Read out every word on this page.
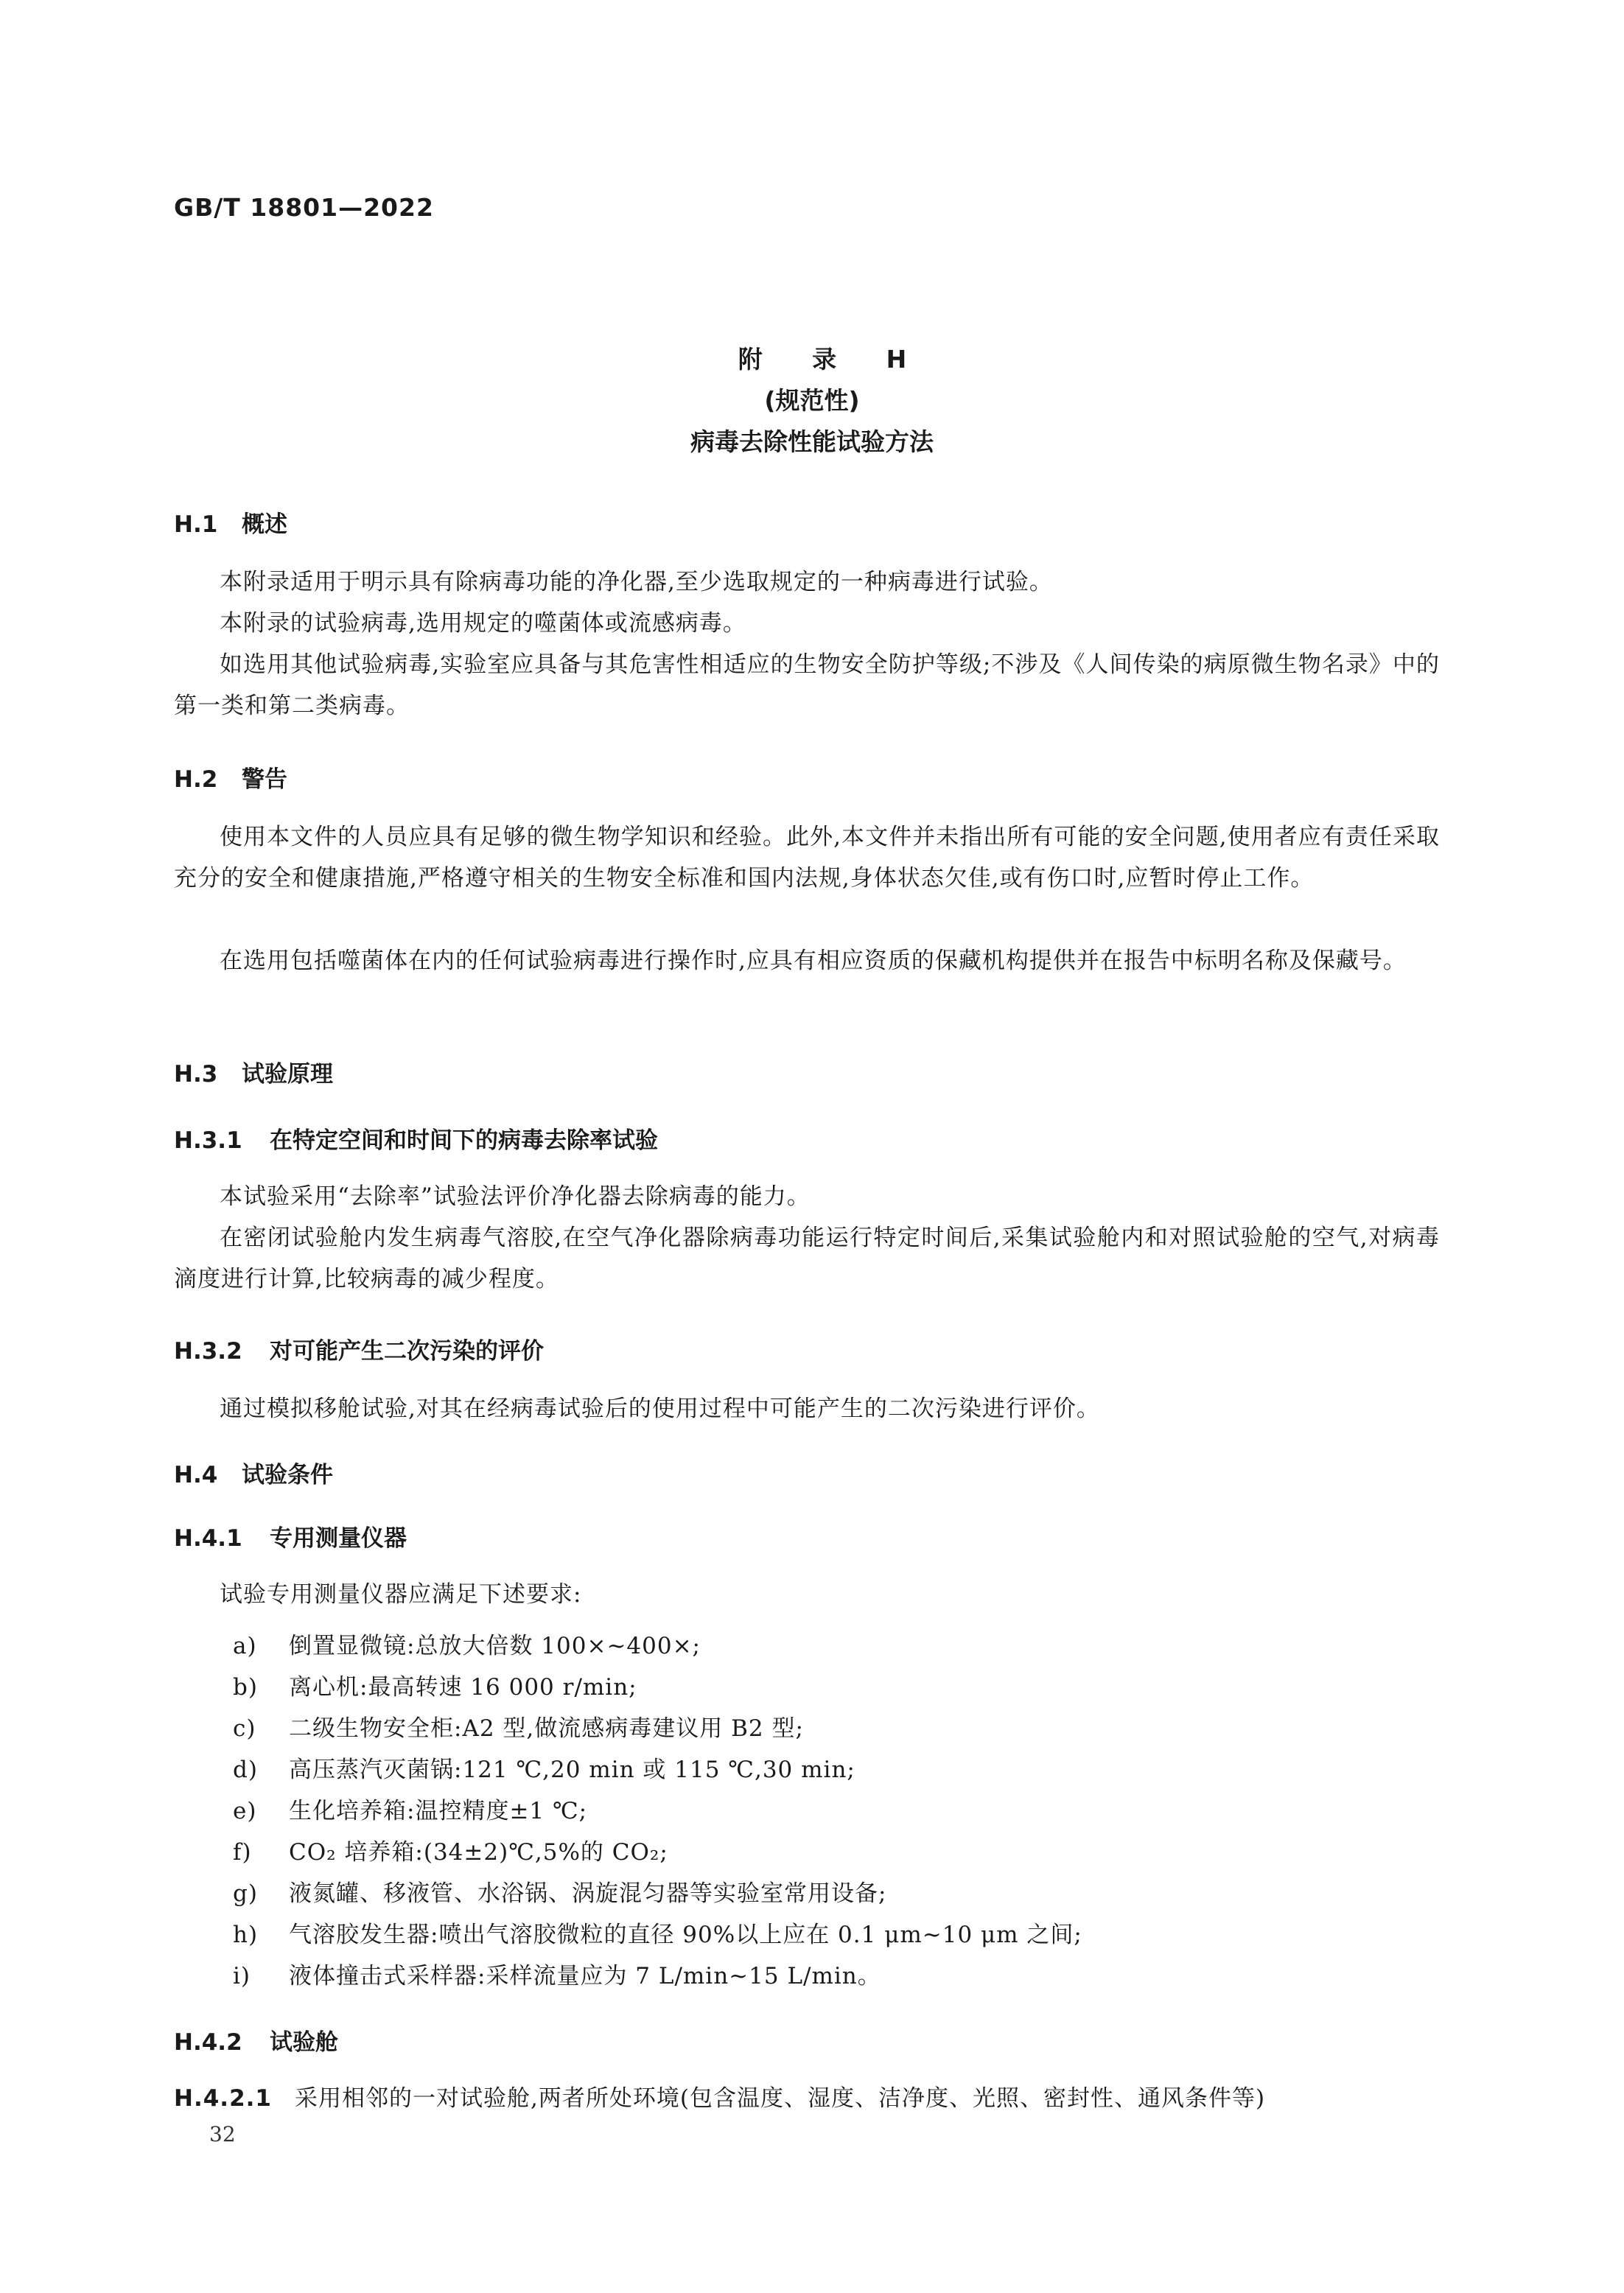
GB/T 18801—2022

附 录 H

(规范性)

病毒去除性能试验方法

H.1 概述

本附录适用于明示具有除病毒功能的净化器,至少选取规定的一种病毒进行试验。

本附录的试验病毒,选用规定的噬菌体或流感病毒。

如选用其他试验病毒,实验室应具备与其危害性相适应的生物安全防护等级;不涉及《人间传染的病原微生物名录》中的第一类和第二类病毒。

H.2 警告

使用本文件的人员应具有足够的微生物学知识和经验。此外,本文件并未指出所有可能的安全问题,使用者应有责任采取充分的安全和健康措施,严格遵守相关的生物安全标准和国内法规,身体状态欠佳,或有伤口时,应暂时停止工作。

在选用包括噬菌体在内的任何试验病毒进行操作时,应具有相应资质的保藏机构提供并在报告中标明名称及保藏号。

H.3 试验原理

H.3.1 在特定空间和时间下的病毒去除率试验

本试验采用“去除率”试验法评价净化器去除病毒的能力。

在密闭试验舱内发生病毒气溶胶,在空气净化器除病毒功能运行特定时间后,采集试验舱内和对照试验舱的空气,对病毒滴度进行计算,比较病毒的减少程度。

H.3.2 对可能产生二次污染的评价

通过模拟移舱试验,对其在经病毒试验后的使用过程中可能产生的二次污染进行评价。

H.4 试验条件

H.4.1 专用测量仪器

试验专用测量仪器应满足下述要求:

a) 倒置显微镜:总放大倍数 100×~400×;

b) 离心机:最高转速 16 000 r/min;

c) 二级生物安全柜:A2 型,做流感病毒建议用 B2 型;

d) 高压蒸汽灭菌锅:121 ℃,20 min 或 115 ℃,30 min;

e) 生化培养箱:温控精度±1 ℃;

f) CO₂ 培养箱:(34±2)℃,5%的 CO₂;

g) 液氮罐、移液管、水浴锅、涡旋混匀器等实验室常用设备;

h) 气溶胶发生器:喷出气溶胶微粒的直径 90%以上应在 0.1 μm~10 μm 之间;

i) 液体撞击式采样器:采样流量应为 7 L/min~15 L/min。

H.4.2 试验舱

H.4.2.1 采用相邻的一对试验舱,两者所处环境(包含温度、湿度、洁净度、光照、密封性、通风条件等)

32
